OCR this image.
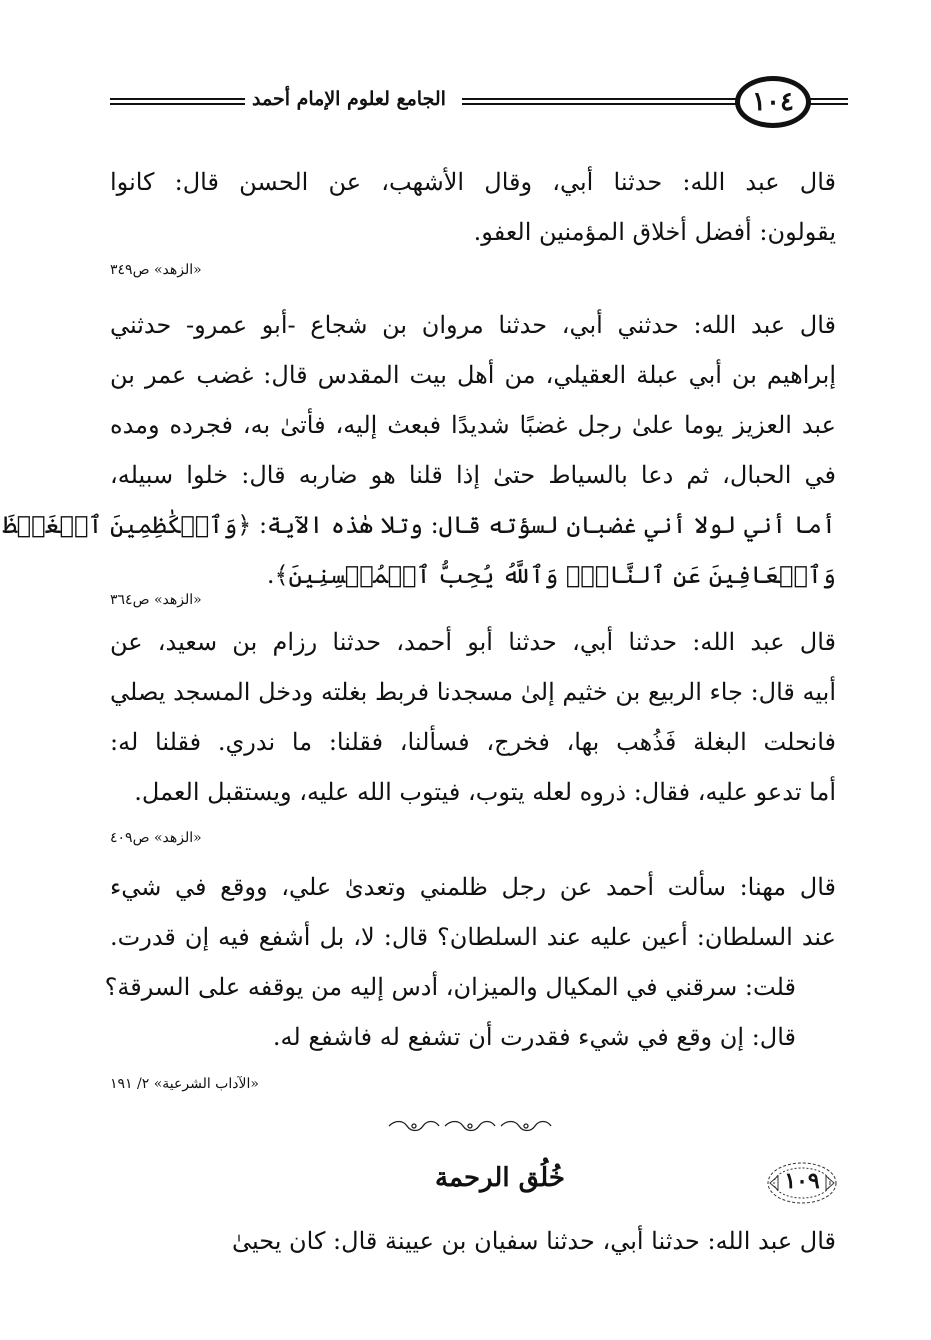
الجامع لعلوم الإمام أحمد	١٠٤
قال عبد الله: حدثنا أبي، وقال الأشهب، عن الحسن قال: كانوا
يقولون: أفضل أخلاق المؤمنين العفو.
«الزهد» ص٣٤٩
قال عبد الله: حدثني أبي، حدثنا مروان بن شجاع -أبو عمرو- حدثني
إبراهيم بن أبي عبلة العقيلي، من أهل بيت المقدس قال: غضب عمر بن
عبد العزيز يوما علىٰ رجل غضبًا شديدًا فبعث إليه، فأتىٰ به، فجرده ومده
في الحبال، ثم دعا بالسياط حتىٰ إذا قلنا هو ضاربه قال: خلوا سبيله،
أما أني لولا أني غضبان لسؤته قال: وتلا هٰذه الآية: ﴿وَٱلۡكَٰظِمِينَ ٱلۡغَيۡظَ
وَٱلۡعَافِينَ عَنِ ٱلنَّاسِۗ وَٱللَّهُ يُحِبُّ ٱلۡمُحۡسِنِينَ﴾.
«الزهد» ص٣٦٤
قال عبد الله: حدثنا أبي، حدثنا أبو أحمد، حدثنا رزام بن سعيد، عن
أبيه قال: جاء الربيع بن خثيم إلىٰ مسجدنا فربط بغلته ودخل المسجد يصلي
فانحلت البغلة فَذُهب بها، فخرج، فسألنا، فقلنا: ما ندري. فقلنا له:
أما تدعو عليه، فقال: ذروه لعله يتوب، فيتوب الله عليه، ويستقبل العمل.
«الزهد» ص٤٠٩
قال مهنا: سألت أحمد عن رجل ظلمني وتعدىٰ علي، ووقع في شيء
عند السلطان: أعين عليه عند السلطان؟ قال: لا، بل أشفع فيه إن قدرت.
قلت: سرقني في المكيال والميزان، أدس إليه من يوقفه على السرقة؟
قال: إن وقع في شيء فقدرت أن تشفع له فاشفع له.
«الآداب الشرعية» ٢/ ١٩١
خُلُق الرحمة	١٠٩
قال عبد الله: حدثنا أبي، حدثنا سفيان بن عيينة قال: كان يحيىٰ
